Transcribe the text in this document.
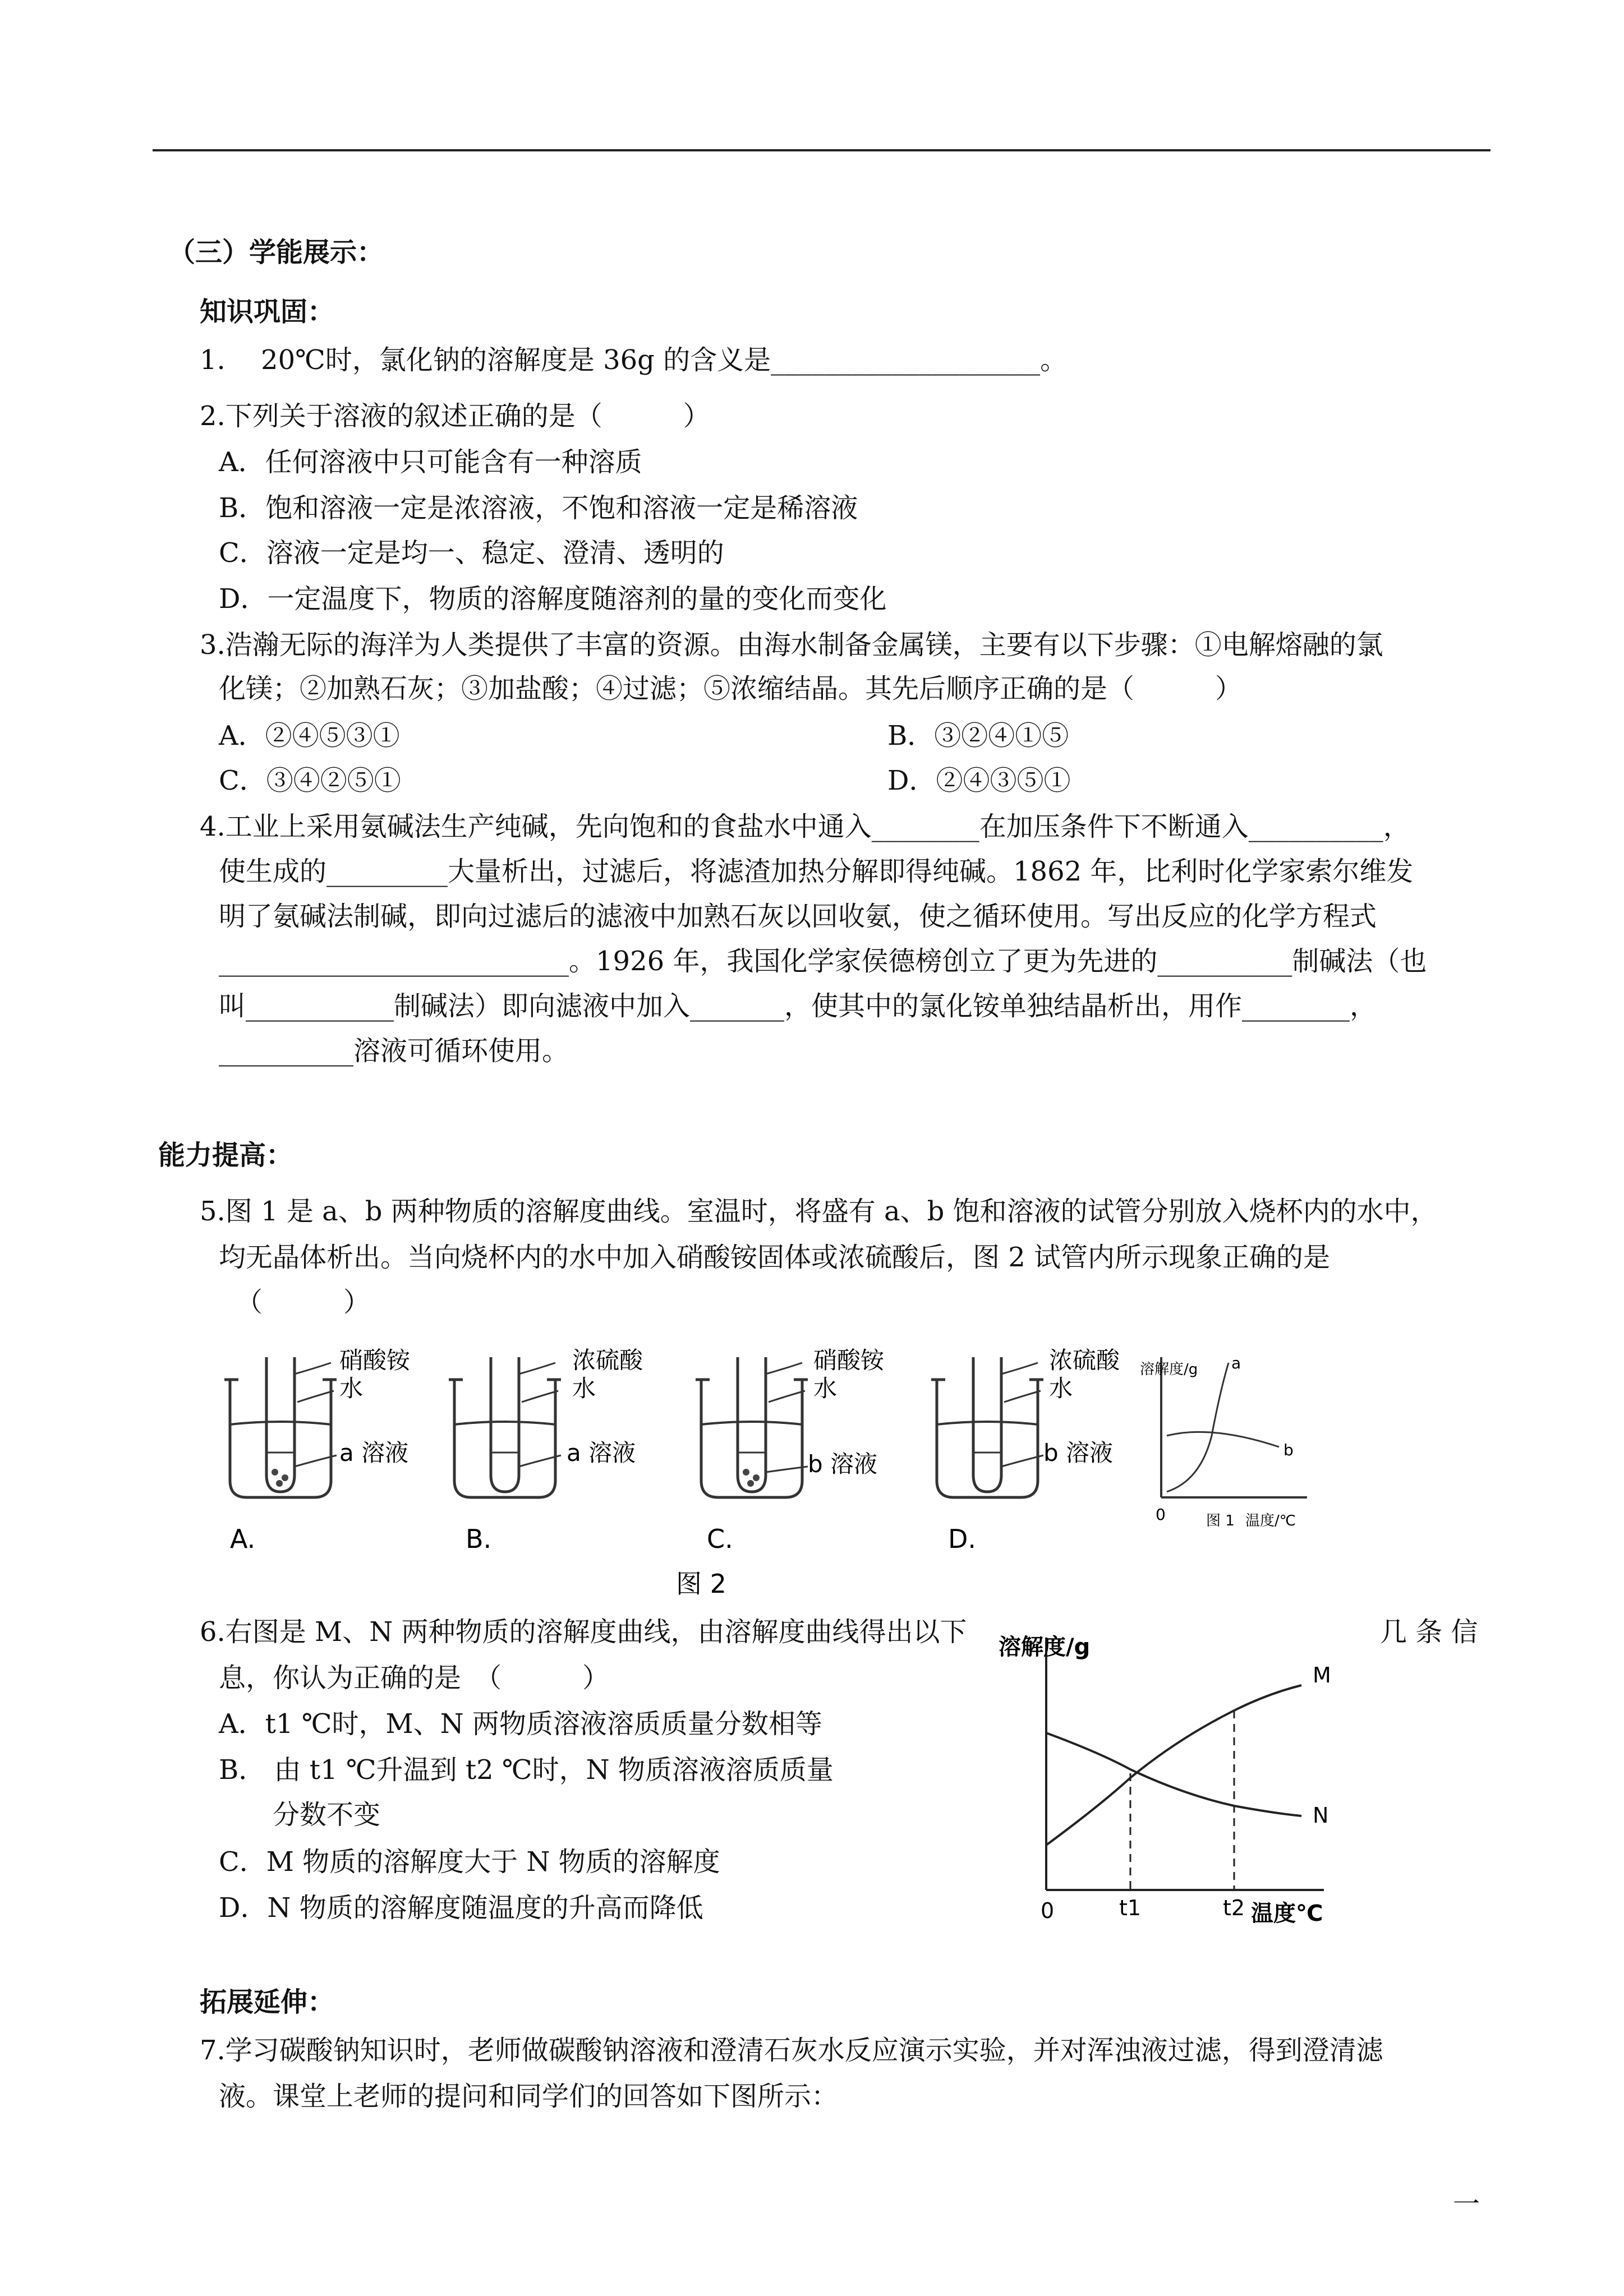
（三）学能展示：
知识巩固：
1.　 20℃时，氯化钠的溶解度是 36g 的含义是____________________。
2.下列关于溶液的叙述正确的是（　　　）
A．任何溶液中只可能含有一种溶质
B．饱和溶液一定是浓溶液，不饱和溶液一定是稀溶液
C．溶液一定是均一、稳定、澄清、透明的
D．一定温度下，物质的溶解度随溶剂的量的变化而变化
3.浩瀚无际的海洋为人类提供了丰富的资源。由海水制备金属镁，主要有以下步骤：①电解熔融的氯
化镁；②加熟石灰；③加盐酸；④过滤；⑤浓缩结晶。其先后顺序正确的是（　　　）
A．②④⑤③①	B．③②④①⑤
C．③④②⑤①	D．②④③⑤①
4.工业上采用氨碱法生产纯碱，先向饱和的食盐水中通入________在加压条件下不断通入__________，
使生成的_________大量析出，过滤后，将滤渣加热分解即得纯碱。1862 年，比利时化学家索尔维发
明了氨碱法制碱，即向过滤后的滤液中加熟石灰以回收氨，使之循环使用。写出反应的化学方程式
__________________________。1926 年，我国化学家侯德榜创立了更为先进的__________制碱法（也
叫___________制碱法）即向滤液中加入_______，使其中的氯化铵单独结晶析出，用作________，
__________溶液可循环使用。
能力提高：
5.图 1 是 a、b 两种物质的溶解度曲线。室温时，将盛有 a、b 饱和溶液的试管分别放入烧杯内的水中，
均无晶体析出。当向烧杯内的水中加入硝酸铵固体或浓硫酸后，图 2 试管内所示现象正确的是
（　　　）
硝酸铵
水
a 溶液
A.
浓硫酸
水
a 溶液
B.
硝酸铵
水
b 溶液
C.
浓硫酸
水
b 溶液
D.
图 2
溶解度/g a
b
0	图 1 温度/℃
6.右图是 M、N 两种物质的溶解度曲线，由溶解度曲线得出以下	几 条 信
息，你认为正确的是　（　　　）
A．t1 ℃时，M、N 两物质溶液溶质质量分数相等
B． 由 t1 ℃升温到 t2 ℃时，N 物质溶液溶质质量
　　分数不变
C．M 物质的溶解度大于 N 物质的溶解度
D．N 物质的溶解度随温度的升高而降低
溶解度/g
M
N
0	t1	t2 温度℃
拓展延伸：
7.学习碳酸钠知识时，老师做碳酸钠溶液和澄清石灰水反应演示实验，并对浑浊液过滤，得到澄清滤
液。课堂上老师的提问和同学们的回答如下图所示：
一
